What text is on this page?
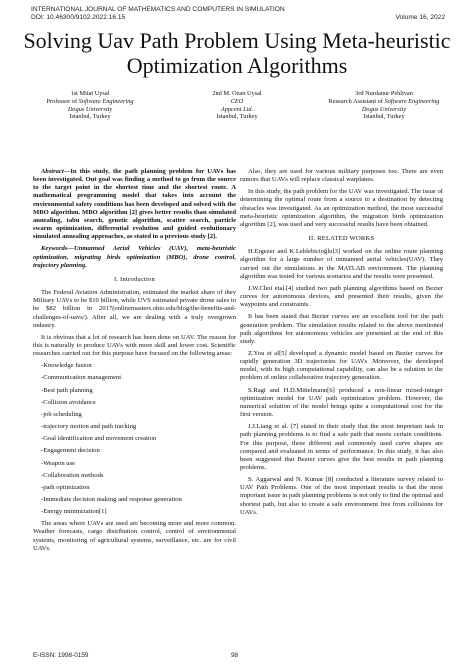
INTERNATIONAL JOURNAL OF MATHEMATICS AND COMPUTERS IN SIMULATION
DOI: 10.46300/9102.2022.16.15	Volume 16, 2022
Solving Uav Path Problem Using Meta-heuristic
Optimization Algorithms
1st Mitat Uysal
Professor of Software Engineering
Dogus University
Istanbul, Turkey
2nd M. Ozan Uysal
CEO
Appcent Ltd.
Istanbul, Turkey
3rd Nurdanur Pehlivan
Research Assistant of Software Engineering
Dogus University
Istanbul, Turkey

Abstract—In this study, the path planning problem for UAVs has been investigated. Out goal was finding a method to go from the source to the target point in the shortest time and the shortest route. A mathematical programming model that takes into account the environmental safety conditions has been developed and solved with the MBO algorithm. MBO algorithm [2] gives better results than simulated annealing, tabu search, genetic algorithm, scatter search, particle swarm optimization, differential evolution and guided evolutionary simulated annealing approaches, as stated in a previous study [2].

Keywords—Unmanned Aerial Vehicles (UAV), meta-heuristic optimization, migrating birds optimization (MBO), drone control, trajectory planning.

I. Introduction

The Federal Aviation Administration, estimated the market share of thev Military UAVs to be $10 billion, while UVS estimated private drone sales to be $82 billion in 2017(onlinemasters.ohio.edu/blog/the-benefits-and-challenges-of-uavs/). After all, we are dealing with a truly overgrown industry.

It is obvious that a lot of research has been done on UAV. The reason for this is naturally to produce UAVs with more skill and lower cost. Scientific researches carried out for this purpose have focused on the following areas:

-Knowledge fusion
-Communication management
-Best path planning
-Collision avoidance
-job scheduling
-trajectory motion and path tracking
-Goal identification and movement creation
-Engagement decision
-Weapon use
-Collaboration methods
-path optimization
-Immediate decision making and response generation
-Energy minimization[1]

The areas where UAVs are used are becoming more and more common. Weather forecasts, cargo distribution control, control of environmental systems, monitoring of agricultural systems, surveillance, etc. are for civil UAVs.

Also, they are used for various military purposes too. There are even rumors that UAVs will replace classical warplanes.

In this study, the path problem for the UAV was investigated. The issue of determining the optimal route from a source to a destination by detecting obstacles was investigated. As an optimization method, the most successful meta-heuristic optimization algorithm, the migration birds optimization algorithm [2], was used and very successful results have been obtained.

II. RELATED WORKS

H.Ergezer and K.Leblebicioğlu[3] worked on the online route planning algorithm for a large number of unmanned aerial vehicles(UAV). They carried out the simulations in the MATLAB environment. The planning algorithm was tested for various scenarios and the results were presented.

J.W.Choi etal.[4] studied two path planning algorithms based on Bezier curves for autonomous devices, and presented their results, given the waypoints and constraints.

It has been stated that Bezier curves are an excellent tool for the path generation problem. The simulation results related to the above mentioned path algorithms for autonomous vehicles are presented at the end of this study.

Z.You et al[5] developed a dynamic model based on Bezier curves for rapidly generation 3D trajectories for UAVs .Moreover, the developed model, with its high computational capability, can also be a solution to the problem of online collaborative trajectory generation.

S.Ragi and H.D.Mittelmann[6] produced a non-linear mixed-integer optimization model for UAV path optimization problem. However, the numerical solution of the model brings quite a computational cost for the first version.

J.J.Liang et al. [7] stated in their study that the most important task in path planning problems is to find a safe path that meets certain conditions. For this purpose, three different and commonly used curve shapes are compared and evaluated in terms of performance. In this study, it has also been suggested that Bezier curves give the best results in path planning problems.

S. Aggarwal and N. Kumar [8] conducted a literature survey related to UAV Path Problems. One of the most important results is that the most important issue in path planning problems is not only to find the optimal and shortest path, but also to create a safe environment free from collisions for UAVs.

E-ISSN: 1998-0159	98
